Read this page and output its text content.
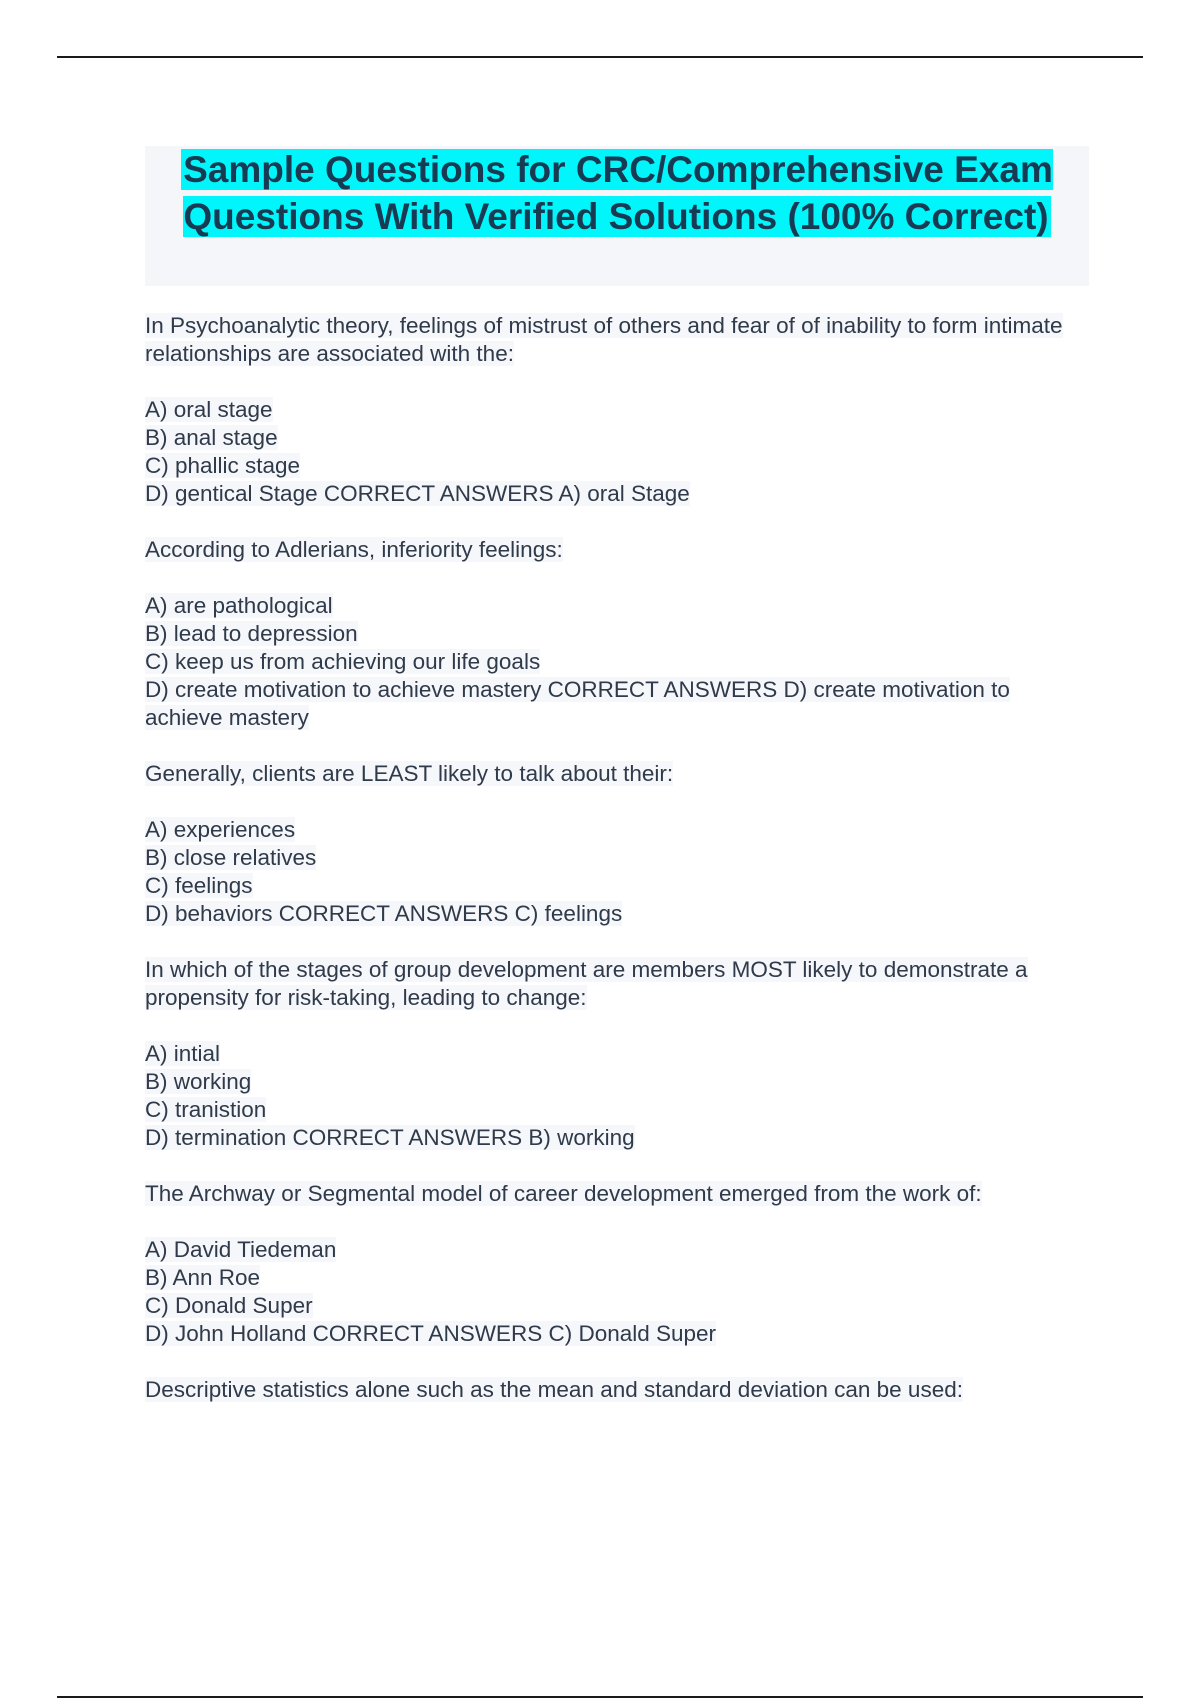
Sample Questions for CRC/Comprehensive Exam Questions With Verified Solutions (100% Correct)

In Psychoanalytic theory, feelings of mistrust of others and fear of of inability to form intimate relationships are associated with the:

A) oral stage

B) anal stage

C) phallic stage

D) gentical Stage CORRECT ANSWERS A) oral Stage

According to Adlerians, inferiority feelings:

A) are pathological

B) lead to depression

C) keep us from achieving our life goals

D) create motivation to achieve mastery CORRECT ANSWERS D) create motivation to achieve mastery

Generally, clients are LEAST likely to talk about their:

A) experiences

B) close relatives

C) feelings

D) behaviors CORRECT ANSWERS C) feelings

In which of the stages of group development are members MOST likely to demonstrate a propensity for risk-taking, leading to change:

A) intial

B) working

C) tranistion

D) termination CORRECT ANSWERS B) working

The Archway or Segmental model of career development emerged from the work of:

A) David Tiedeman

B) Ann Roe

C) Donald Super

D) John Holland CORRECT ANSWERS C) Donald Super

Descriptive statistics alone such as the mean and standard deviation can be used:
